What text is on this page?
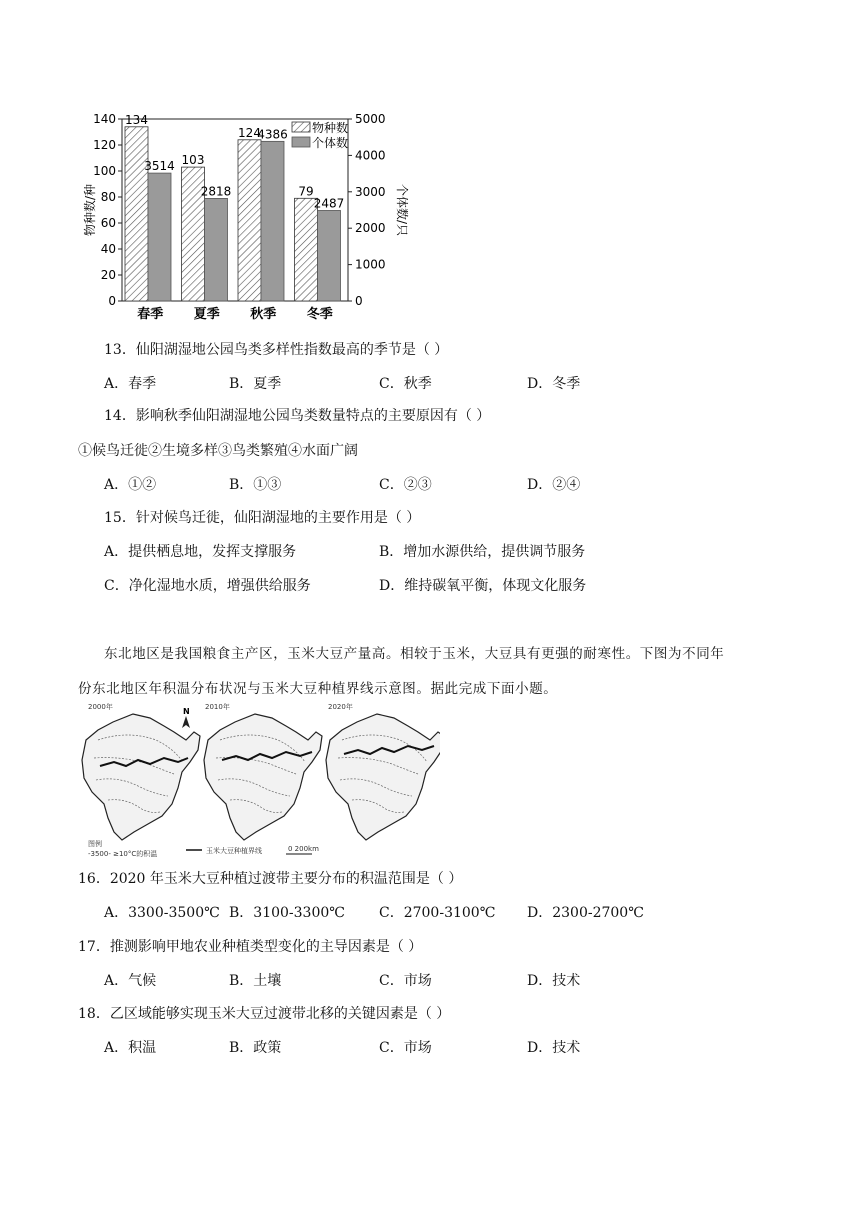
0
20
40
60
80
100
120
140
0
1000
2000
3000
4000
5000
物种数/种	个体数/只
134
3514
春季
103
2818
夏季
124
4386
秋季
79
2487
冬季
物种数
个体数
13．仙阳湖湿地公园鸟类多样性指数最高的季节是（ ）
A．春季	B．夏季	C．秋季	D．冬季
14．影响秋季仙阳湖湿地公园鸟类数量特点的主要原因有（ ）
①候鸟迁徙②生境多样③鸟类繁殖④水面广阔
A．①②	B．①③	C．②③	D．②④
15．针对候鸟迁徙，仙阳湖湿地的主要作用是（ ）
A．提供栖息地，发挥支撑服务	B．增加水源供给，提供调节服务
C．净化湿地水质，增强供给服务	D．维持碳氧平衡，体现文化服务
东北地区是我国粮食主产区，玉米大豆产量高。相较于玉米，大豆具有更强的耐寒性。下图为不同年
份东北地区年积温分布状况与玉米大豆种植界线示意图。据此完成下面小题。
2000年	2010年	2020年
N
图例
-3500- ≥10°C的积温	玉米大豆种植界线	0 200km
16．2020 年玉米大豆种植过渡带主要分布的积温范围是（ ）
A．3300-3500℃ B．3100-3300℃ C．2700-3100℃ D．2300-2700℃
17．推测影响甲地农业种植类型变化的主导因素是（ ）
A．气候	B．土壤	C．市场	D．技术
18．乙区域能够实现玉米大豆过渡带北移的关键因素是（ ）
A．积温	B．政策	C．市场	D．技术
